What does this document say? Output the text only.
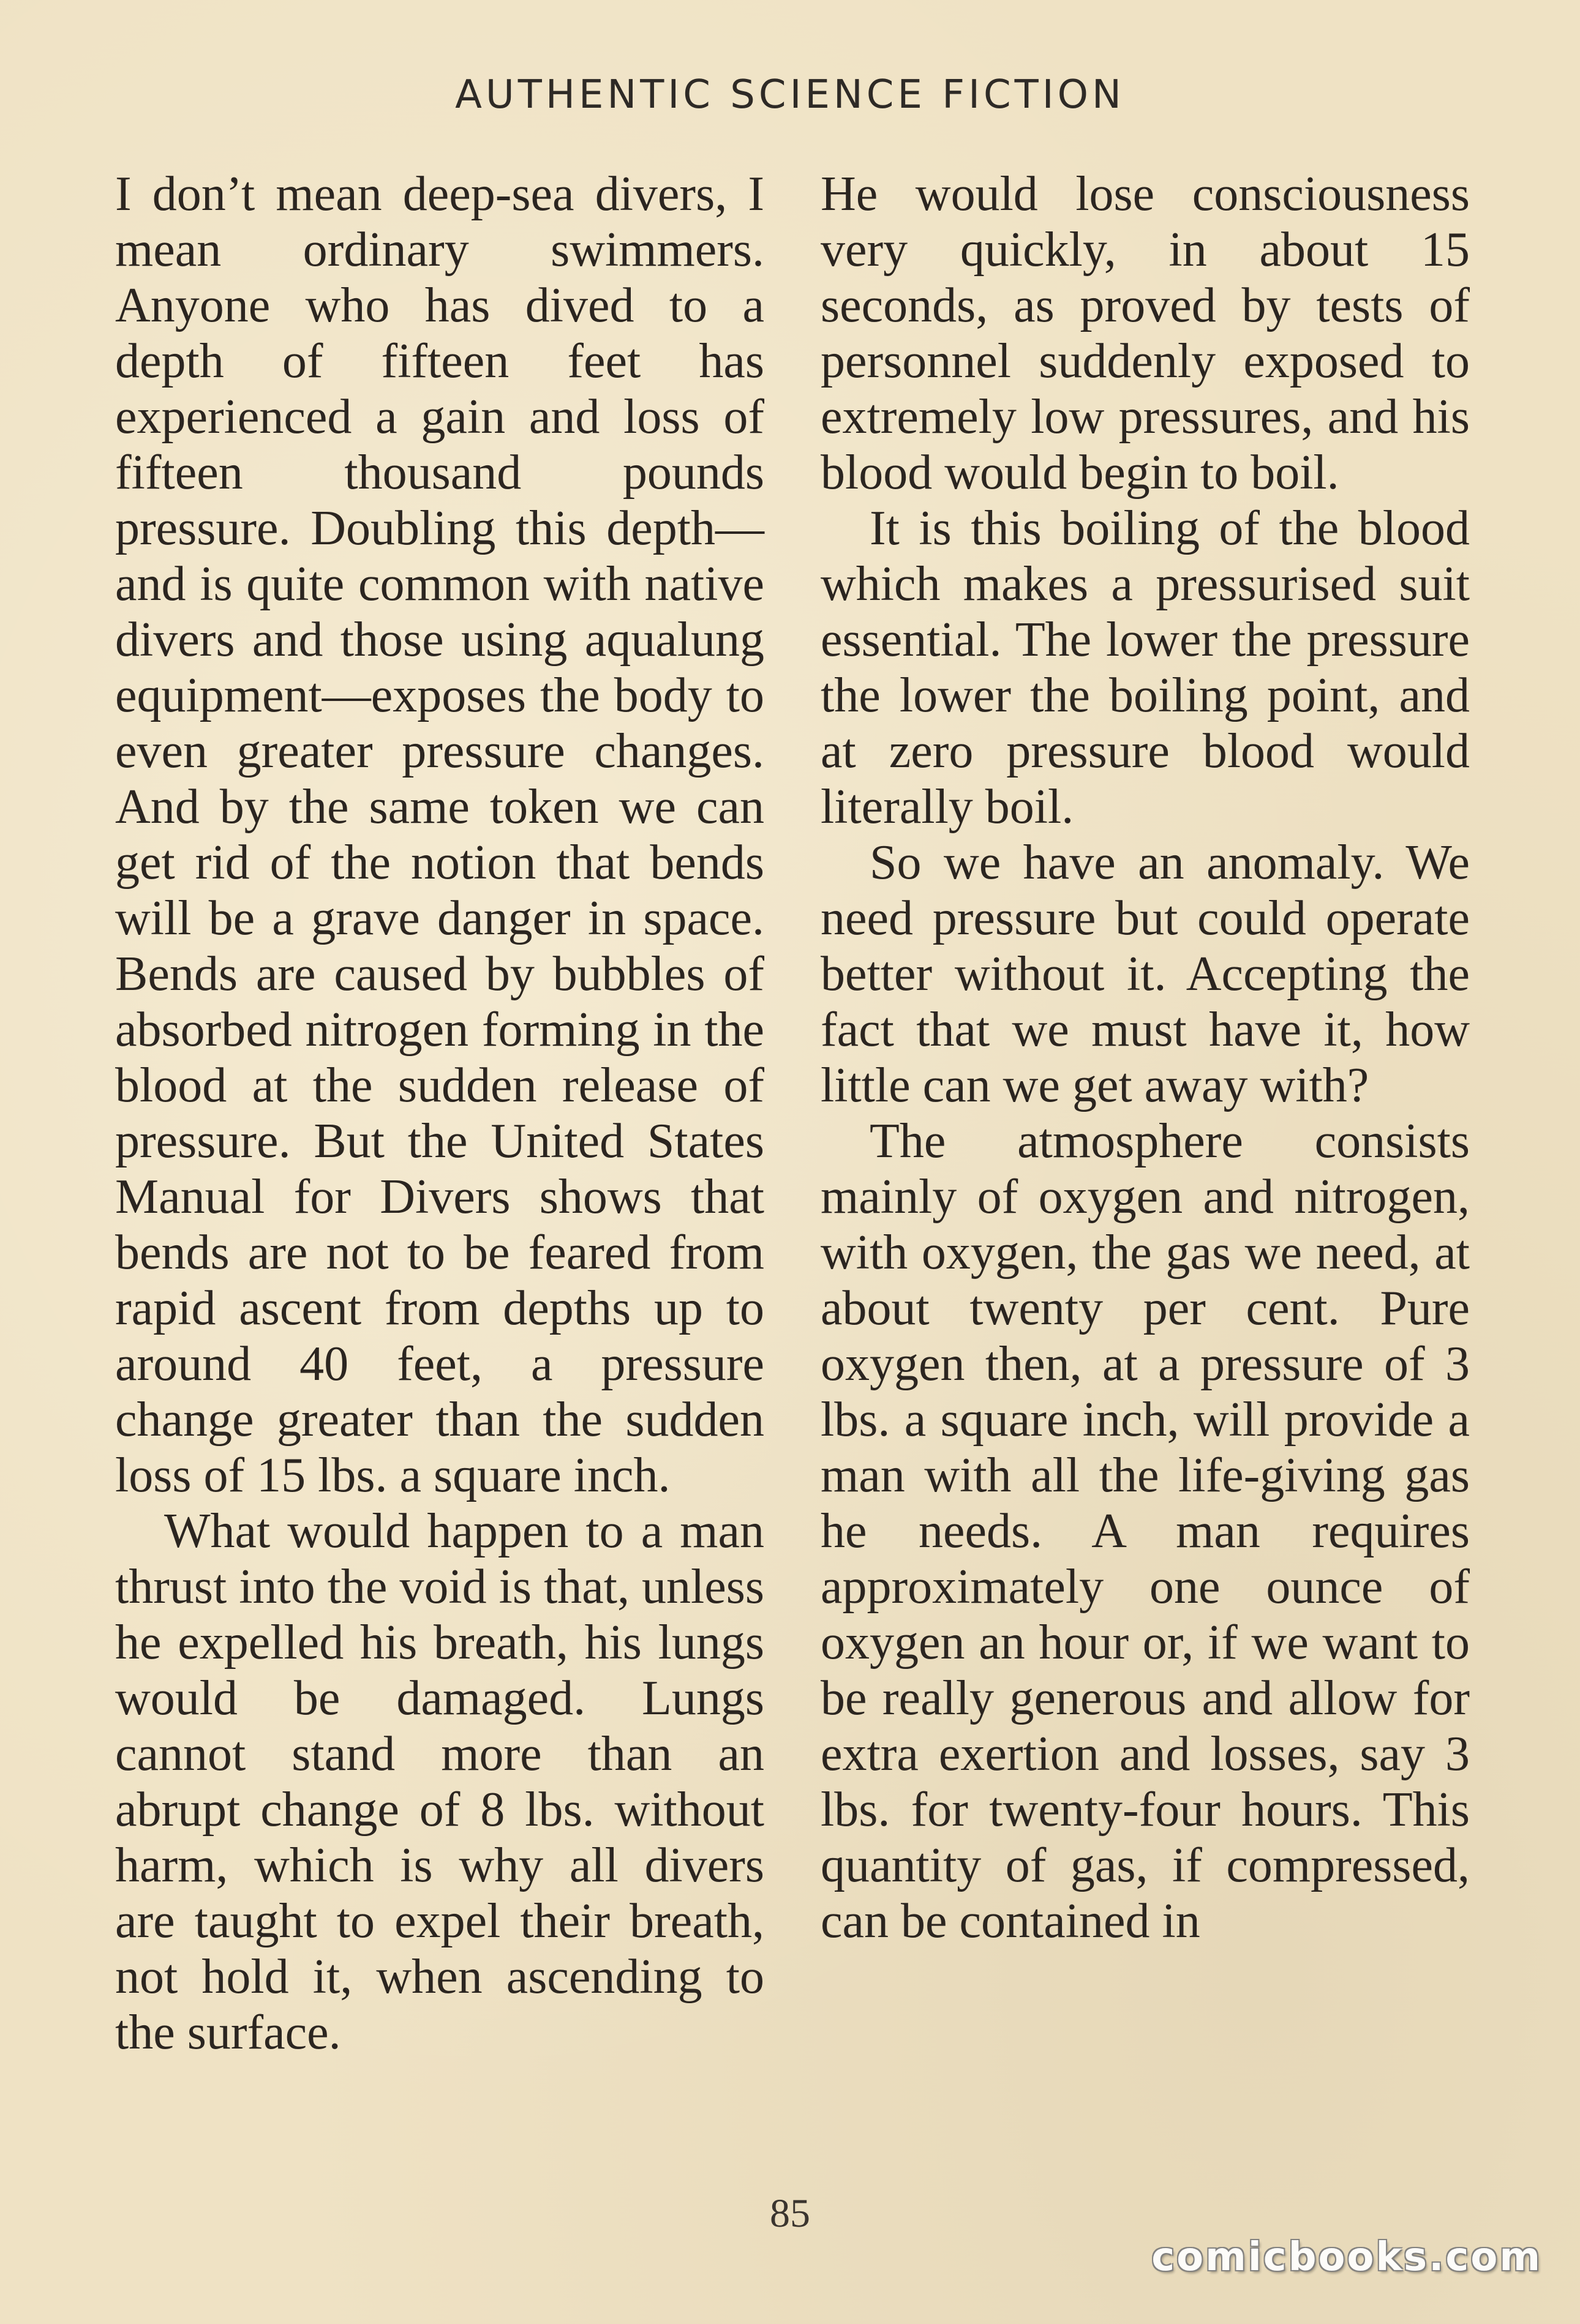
AUTHENTIC SCIENCE FICTION

I don’t mean deep-sea divers, I mean ordinary swimmers. Anyone who has dived to a depth of fifteen feet has experienced a gain and loss of fifteen thousand pounds pressure. Doubling this depth—and is quite common with native divers and those using aqualung equipment—exposes the body to even greater pressure changes. And by the same token we can get rid of the notion that bends will be a grave danger in space. Bends are caused by bubbles of absorbed nitrogen forming in the blood at the sudden release of pressure. But the United States Manual for Divers shows that bends are not to be feared from rapid ascent from depths up to around 40 feet, a pressure change greater than the sudden loss of 15 lbs. a square inch.

What would happen to a man thrust into the void is that, unless he expelled his breath, his lungs would be damaged. Lungs cannot stand more than an abrupt change of 8 lbs. without harm, which is why all divers are taught to expel their breath, not hold it, when ascending to the surface.

He would lose consciousness very quickly, in about 15 seconds, as proved by tests of personnel suddenly exposed to extremely low pressures, and his blood would begin to boil.

It is this boiling of the blood which makes a pressurised suit essential. The lower the pressure the lower the boiling point, and at zero pressure blood would literally boil.

So we have an anomaly. We need pressure but could operate better without it. Accepting the fact that we must have it, how little can we get away with?

The atmosphere consists mainly of oxygen and nitrogen, with oxygen, the gas we need, at about twenty per cent. Pure oxygen then, at a pressure of 3 lbs. a square inch, will provide a man with all the life-giving gas he needs. A man requires approximately one ounce of oxygen an hour or, if we want to be really generous and allow for extra exertion and losses, say 3 lbs. for twenty-four hours. This quantity of gas, if compressed, can be contained in

85
comicbooks.com
